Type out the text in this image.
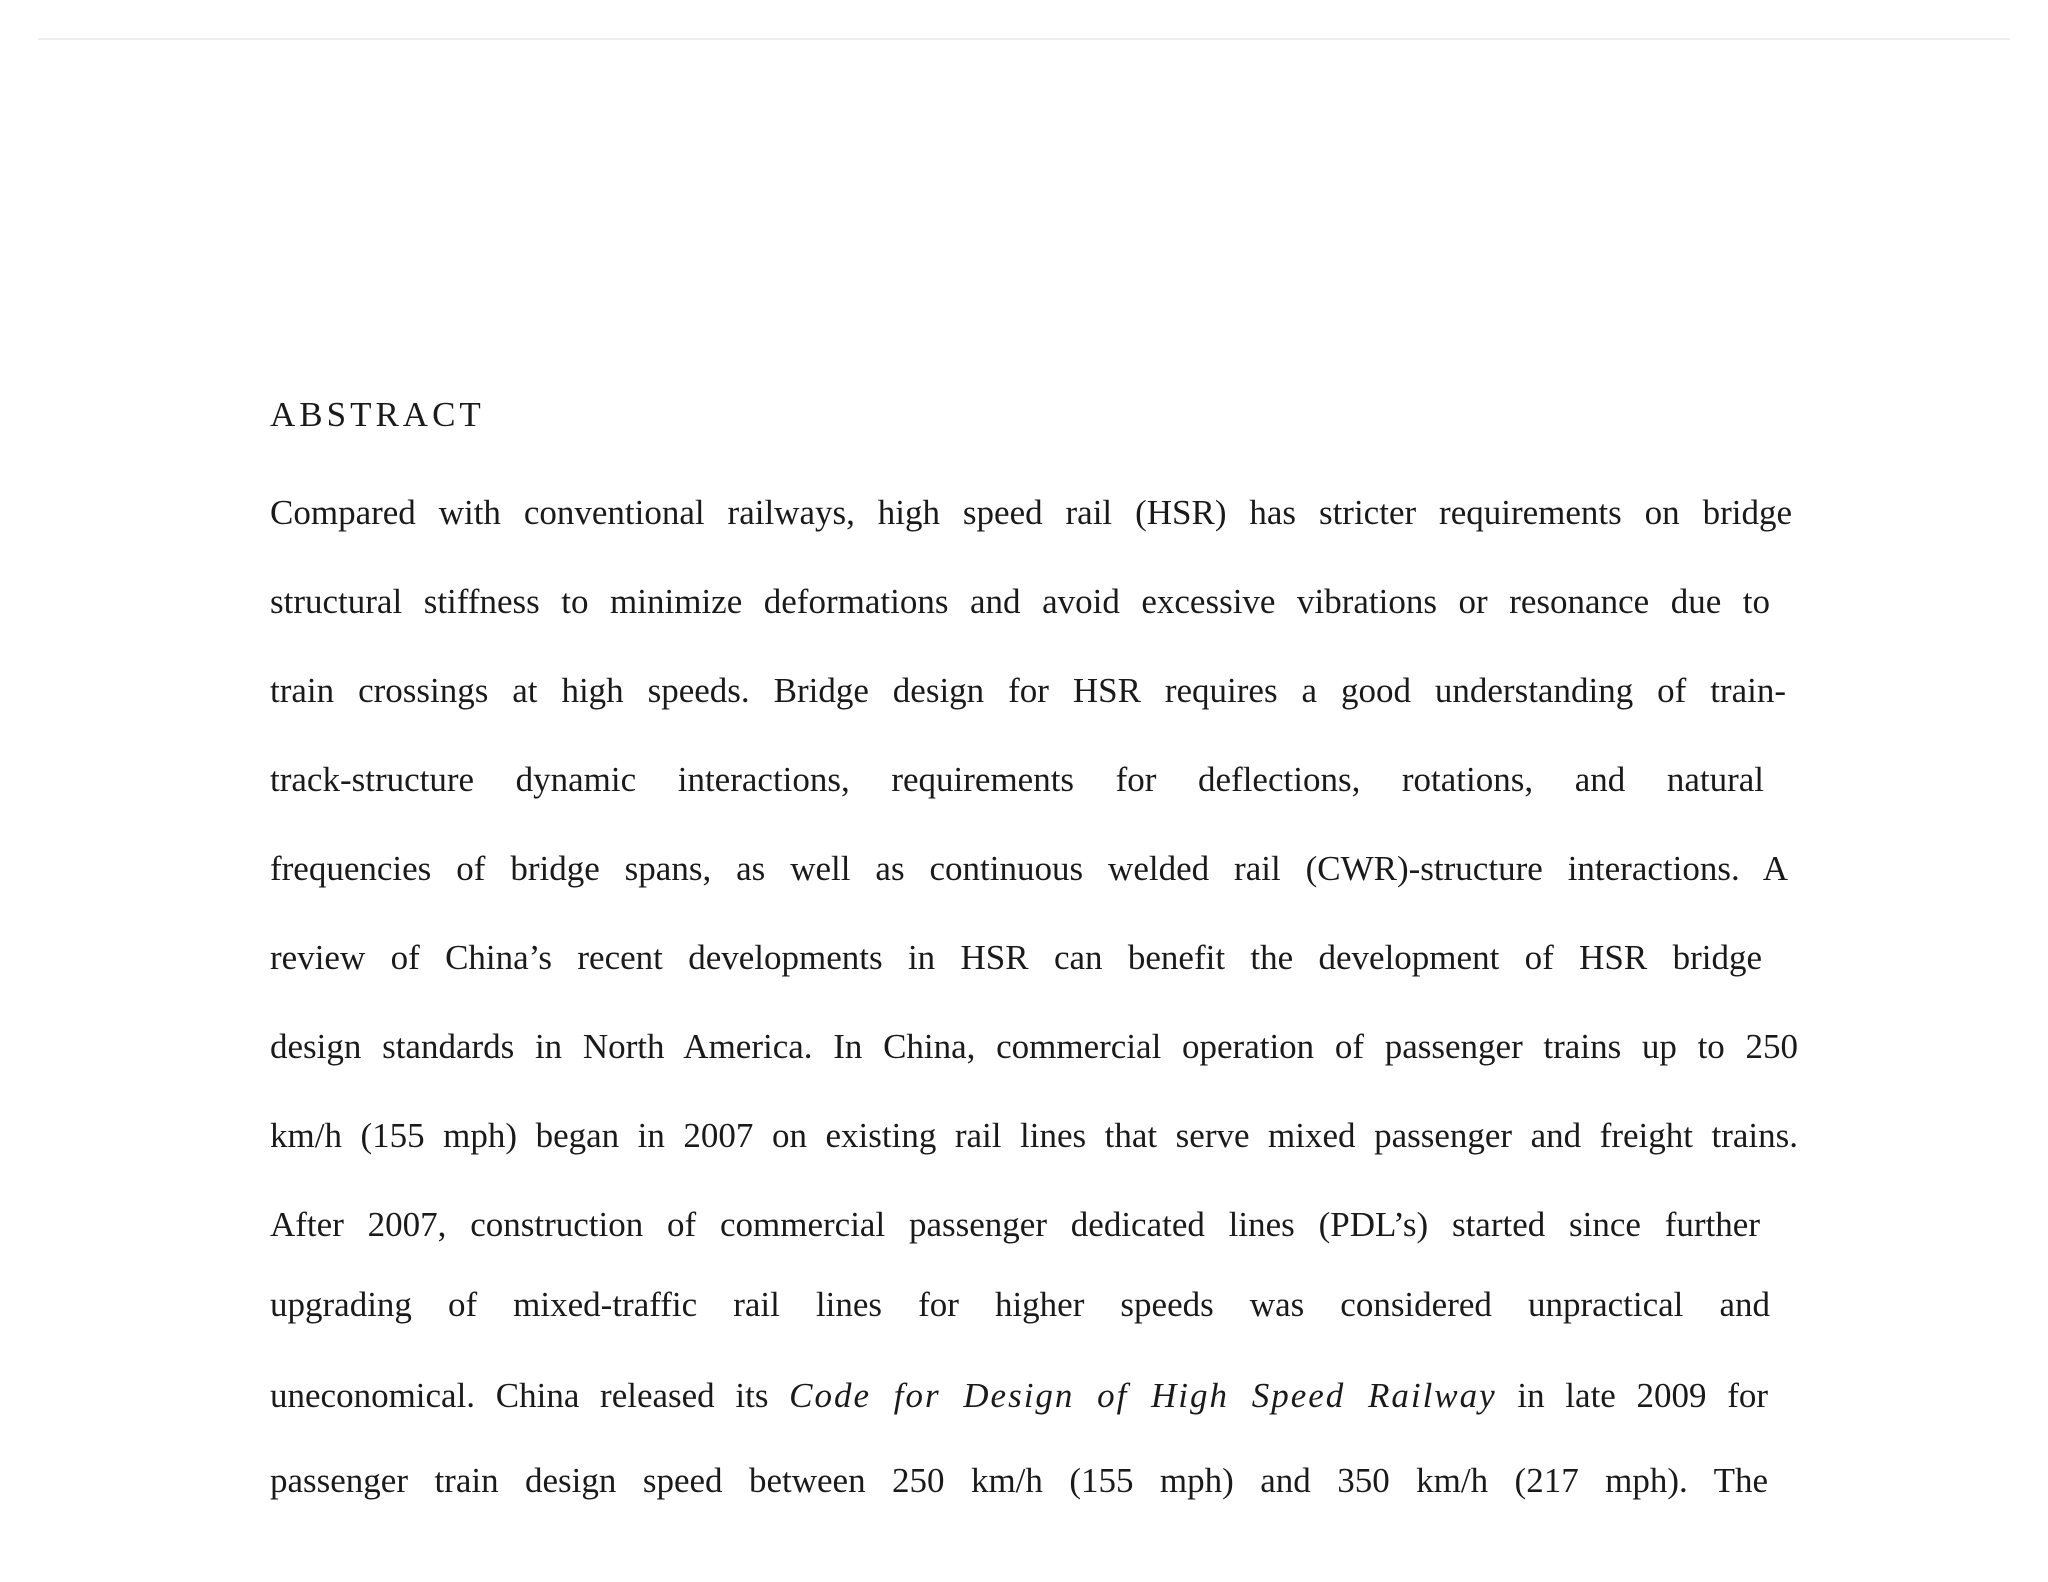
ABSTRACT
Compared with conventional railways, high speed rail (HSR) has stricter requirements on bridge
structural stiffness to minimize deformations and avoid excessive vibrations or resonance due to
train crossings at high speeds. Bridge design for HSR requires a good understanding of train-
track-structure dynamic interactions, requirements for deflections, rotations, and natural
frequencies of bridge spans, as well as continuous welded rail (CWR)-structure interactions. A
review of China’s recent developments in HSR can benefit the development of HSR bridge
design standards in North America. In China, commercial operation of passenger trains up to 250
km/h (155 mph) began in 2007 on existing rail lines that serve mixed passenger and freight trains.
After 2007, construction of commercial passenger dedicated lines (PDL’s) started since further
upgrading of mixed-traffic rail lines for higher speeds was considered unpractical and
uneconomical. China released its Code for Design of High Speed Railway in late 2009 for
passenger train design speed between 250 km/h (155 mph) and 350 km/h (217 mph). The
